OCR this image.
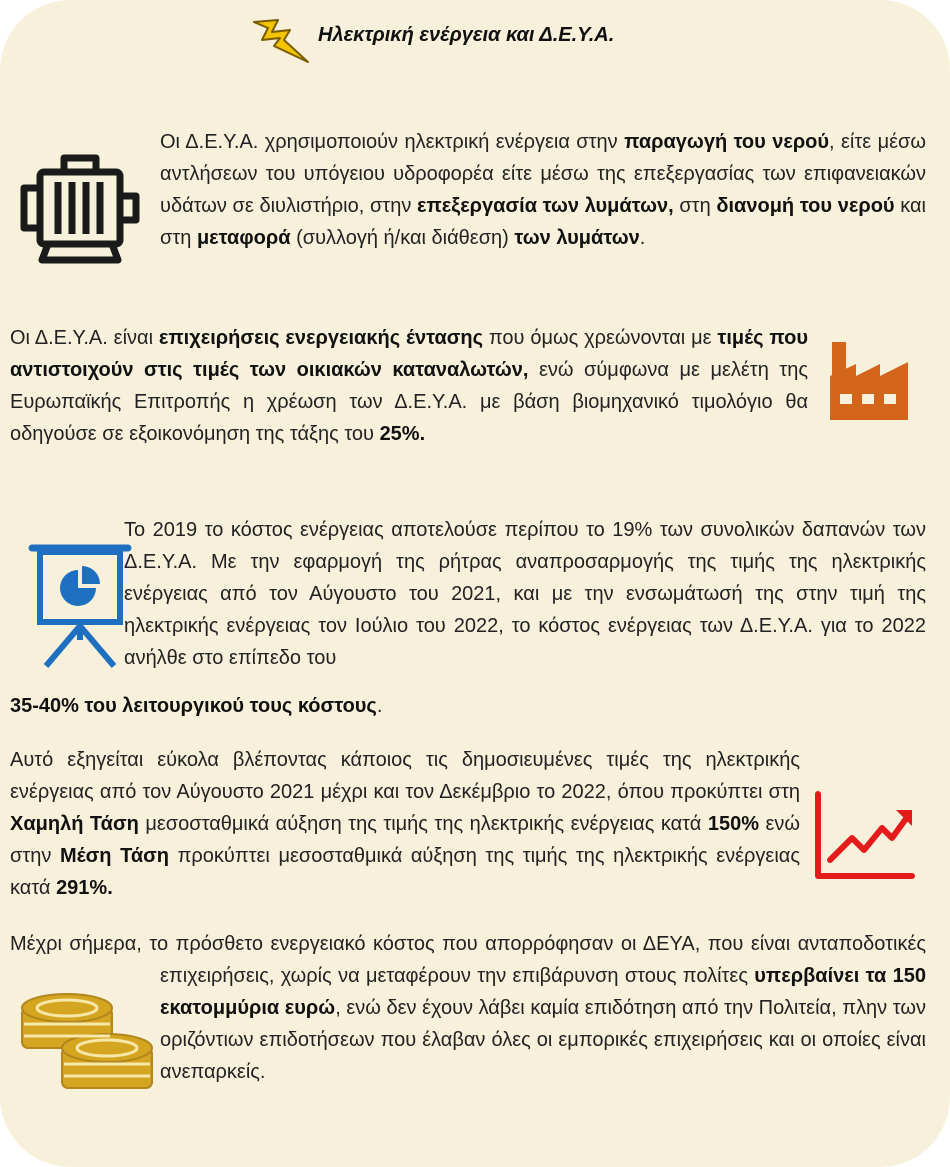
Ηλεκτρική ενέργεια και Δ.Ε.Υ.Α.
Οι Δ.Ε.Υ.Α. χρησιμοποιούν ηλεκτρική ενέργεια στην παραγωγή του νερού, είτε μέσω αντλήσεων του υπόγειου υδροφορέα είτε μέσω της επεξεργασίας των επιφανειακών υδάτων σε διυλιστήριο, στην επεξεργασία των λυμάτων, στη διανομή του νερού και στη μεταφορά (συλλογή ή/και διάθεση) των λυμάτων.
Οι Δ.Ε.Υ.Α. είναι επιχειρήσεις ενεργειακής έντασης που όμως χρεώνονται με τιμές που αντιστοιχούν στις τιμές των οικιακών καταναλωτών, ενώ σύμφωνα με μελέτη της Ευρωπαϊκής Επιτροπής η χρέωση των Δ.Ε.Υ.Α. με βάση βιομηχανικό τιμολόγιο θα οδηγούσε σε εξοικονόμηση της τάξης του 25%.
Το 2019 το κόστος ενέργειας αποτελούσε περίπου το 19% των συνολικών δαπανών των Δ.Ε.Υ.Α. Με την εφαρμογή της ρήτρας αναπροσαρμογής της τιμής της ηλεκτρικής ενέργειας από τον Αύγουστο του 2021, και με την ενσωμάτωσή της στην τιμή της ηλεκτρικής ενέργειας τον Ιούλιο του 2022, το κόστος ενέργειας των Δ.Ε.Υ.Α. για το 2022 ανήλθε στο επίπεδο του
35-40% του λειτουργικού τους κόστους.
Αυτό εξηγείται εύκολα βλέποντας κάποιος τις δημοσιευμένες τιμές της ηλεκτρικής ενέργειας από τον Αύγουστο 2021 μέχρι και τον Δεκέμβριο το 2022, όπου προκύπτει στη Χαμηλή Τάση μεσοσταθμικά αύξηση της τιμής της ηλεκτρικής ενέργειας κατά 150% ενώ στην Μέση Τάση προκύπτει μεσοσταθμικά αύξηση της τιμής της ηλεκτρικής ενέργειας κατά 291%.
Μέχρι σήμερα, το πρόσθετο ενεργειακό κόστος που απορρόφησαν οι ΔΕΥΑ, που είναι ανταποδοτικές επιχειρήσεις, χωρίς να μεταφέρουν την επιβάρυνση στους πολίτες υπερβαίνει τα 150 εκατομμύρια ευρώ, ενώ δεν έχουν λάβει καμία επιδότηση από την Πολιτεία, πλην των οριζόντιων επιδοτήσεων που έλαβαν όλες οι εμπορικές επιχειρήσεις και οι οποίες είναι ανεπαρκείς.
